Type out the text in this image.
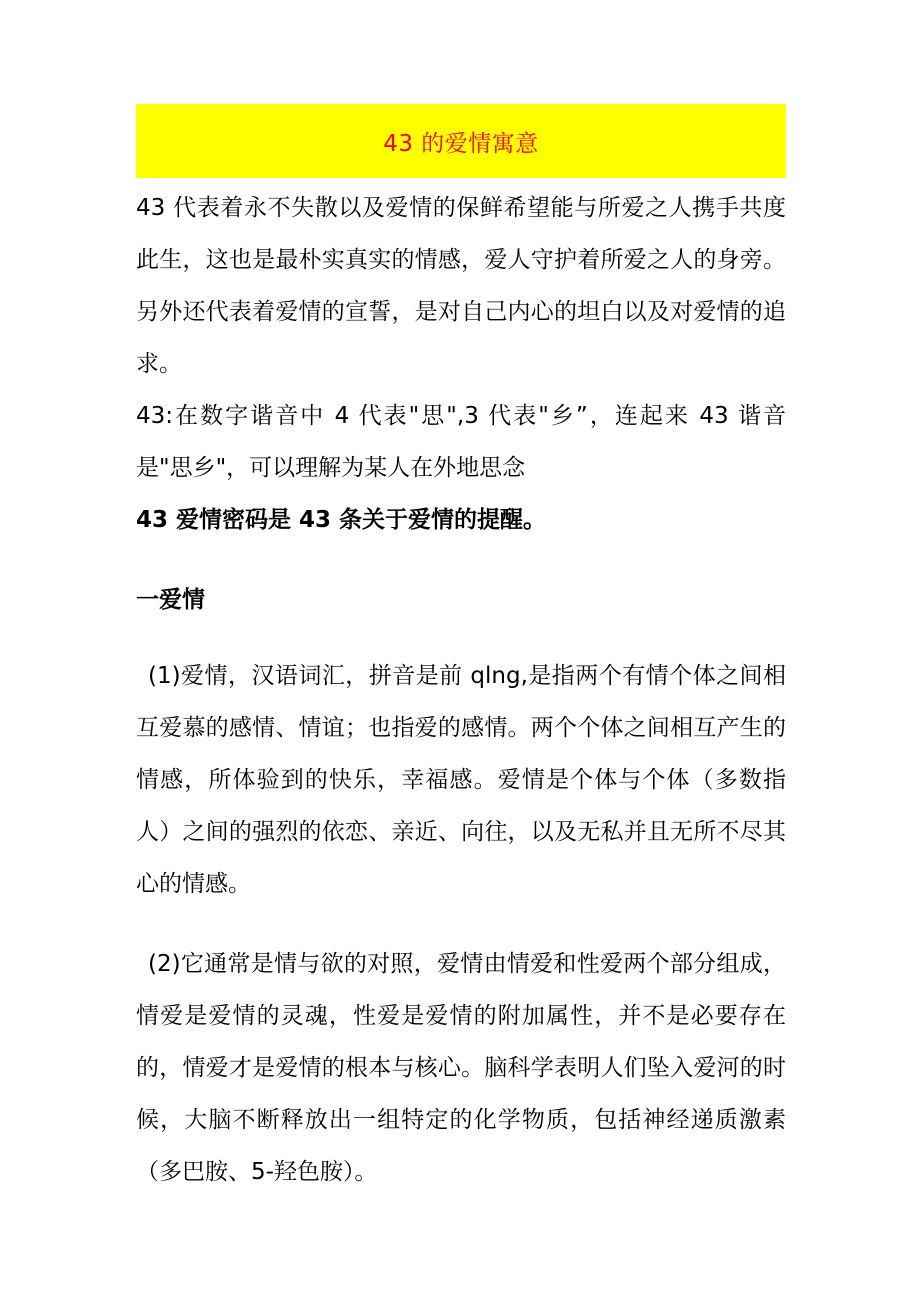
43 的爱情寓意

43 代表着永不失散以及爱情的保鲜希望能与所爱之人携手共度此生，这也是最朴实真实的情感，爱人守护着所爱之人的身旁。另外还代表着爱情的宣誓，是对自己内心的坦白以及对爱情的追求。

43:在数字谐音中 4 代表"思",3 代表"乡”，连起来 43 谐音是"思乡"，可以理解为某人在外地思念

43 爱情密码是 43 条关于爱情的提醒。

一爱情

(1)爱情，汉语词汇，拼音是前 qlng,是指两个有情个体之间相互爱慕的感情、情谊；也指爱的感情。两个个体之间相互产生的情感，所体验到的快乐，幸福感。爱情是个体与个体（多数指人）之间的强烈的依恋、亲近、向往，以及无私并且无所不尽其心的情感。

(2)它通常是情与欲的对照，爱情由情爱和性爱两个部分组成，情爱是爱情的灵魂，性爱是爱情的附加属性，并不是必要存在的，情爱才是爱情的根本与核心。脑科学表明人们坠入爱河的时候，大脑不断释放出一组特定的化学物质，包括神经递质激素（多巴胺、5-羟色胺）。
